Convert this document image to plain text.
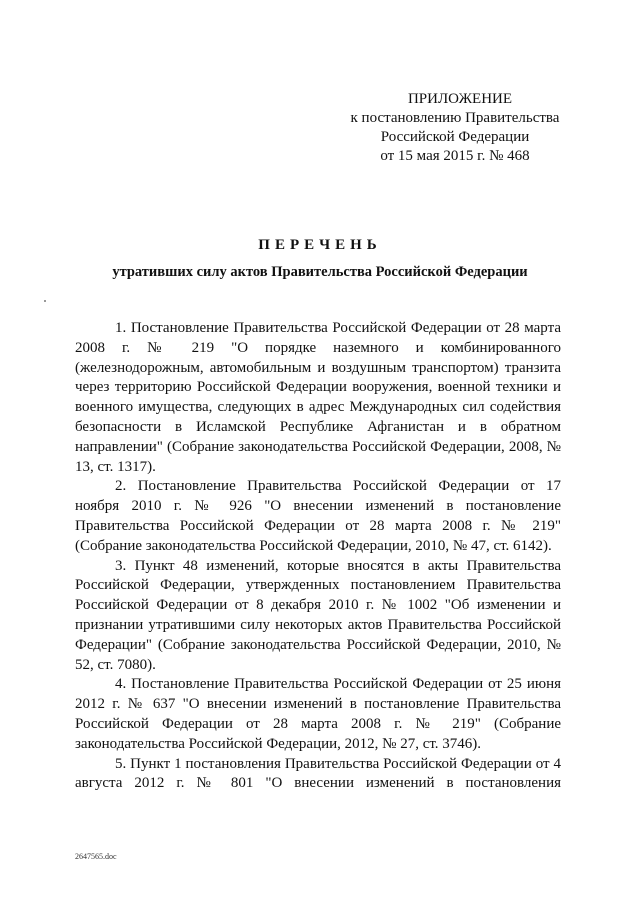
ПРИЛОЖЕНИЕ
к постановлению Правительства
Российской Федерации
от 15 мая 2015 г. № 468
ПЕРЕЧЕНЬ
утративших силу актов Правительства Российской Федерации

1. Постановление Правительства Российской Федерации от 28 марта 2008 г. № 219 "О порядке наземного и комбинированного (железнодорожным, автомобильным и воздушным транспортом) транзита через территорию Российской Федерации вооружения, военной техники и военного имущества, следующих в адрес Международных сил содействия безопасности в Исламской Республике Афганистан и в обратном направлении" (Собрание законодательства Российской Федерации, 2008, № 13, ст. 1317).

2. Постановление Правительства Российской Федерации от 17 ноября 2010 г. № 926 "О внесении изменений в постановление Правительства Российской Федерации от 28 марта 2008 г. № 219" (Собрание законодательства Российской Федерации, 2010, № 47, ст. 6142).

3. Пункт 48 изменений, которые вносятся в акты Правительства Российской Федерации, утвержденных постановлением Правительства Российской Федерации от 8 декабря 2010 г. № 1002 "Об изменении и признании утратившими силу некоторых актов Правительства Российской Федерации" (Собрание законодательства Российской Федерации, 2010, № 52, ст. 7080).

4. Постановление Правительства Российской Федерации от 25 июня 2012 г. № 637 "О внесении изменений в постановление Правительства Российской Федерации от 28 марта 2008 г. № 219" (Собрание законодательства Российской Федерации, 2012, № 27, ст. 3746).

5. Пункт 1 постановления Правительства Российской Федерации от 4 августа 2012 г. № 801 "О внесении изменений в постановления

2647565.doc
